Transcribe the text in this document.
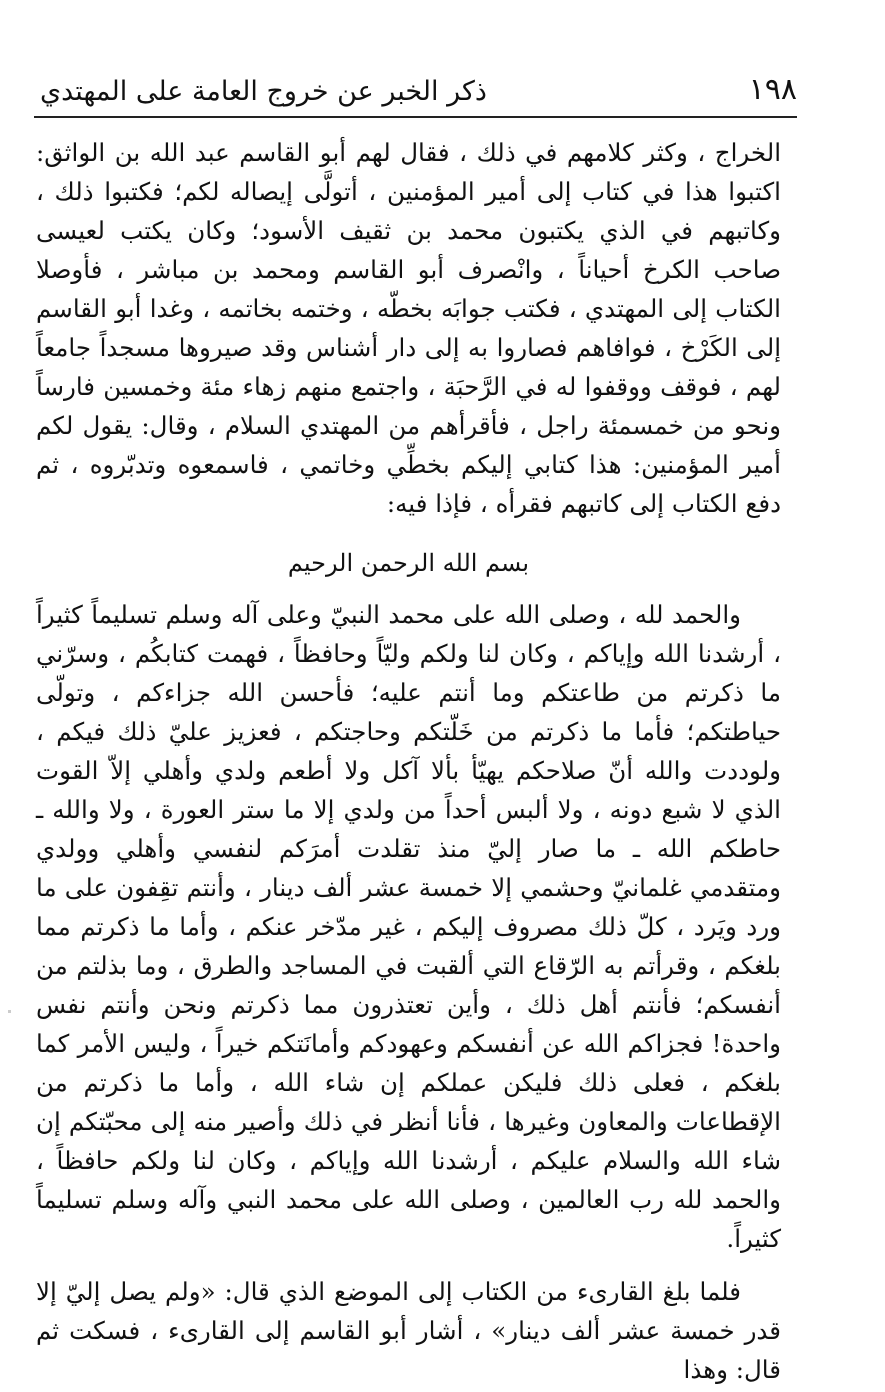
١٩٨
ذكر الخبر عن خروج العامة على المهتدي

الخراج ، وكثر كلامهم في ذلك ، فقال لهم أبو القاسم عبد الله بن الواثق: اكتبوا هذا في كتاب إلى أمير المؤمنين ، أتولَّى إيصاله لكم؛ فكتبوا ذلك ، وكاتبهم في الذي يكتبون محمد بن ثقيف الأسود؛ وكان يكتب لعيسى صاحب الكرخ أحياناً ، وانْصرف أبو القاسم ومحمد بن مباشر ، فأوصلا الكتاب إلى المهتدي ، فكتب جوابَه بخطّه ، وختمه بخاتمه ، وغدا أبو القاسم إلى الكَرْخ ، فوافاهم فصاروا به إلى دار أشناس وقد صيروها مسجداً جامعاً لهم ، فوقف ووقفوا له في الرَّحبَة ، واجتمع منهم زهاء مئة وخمسين فارساً ونحو من خمسمئة راجل ، فأقرأهم من المهتدي السلام ، وقال: يقول لكم أمير المؤمنين: هذا كتابي إليكم بخطِّي وخاتمي ، فاسمعوه وتدبّروه ، ثم دفع الكتاب إلى كاتبهم فقرأه ، فإذا فيه:

بسم الله الرحمن الرحيم

والحمد لله ، وصلى الله على محمد النبيّ وعلى آله وسلم تسليماً كثيراً ، أرشدنا الله وإياكم ، وكان لنا ولكم وليّاً وحافظاً ، فهمت كتابكُم ، وسرّني ما ذكرتم من طاعتكم وما أنتم عليه؛ فأحسن الله جزاءكم ، وتولّى حياطتكم؛ فأما ما ذكرتم من خَلّتكم وحاجتكم ، فعزيز عليّ ذلك فيكم ، ولوددت والله أنّ صلاحكم يهيّأ بألا آكل ولا أطعم ولدي وأهلي إلاّ القوت الذي لا شبع دونه ، ولا ألبس أحداً من ولدي إلا ما ستر العورة ، ولا والله ـ حاطكم الله ـ ما صار إليّ منذ تقلدت أمرَكم لنفسي وأهلي وولدي ومتقدمي غلمانيّ وحشمي إلا خمسة عشر ألف دينار ، وأنتم تقِفون على ما ورد ويَرد ، كلّ ذلك مصروف إليكم ، غير مدّخر عنكم ، وأما ما ذكرتم مما بلغكم ، وقرأتم به الرّقاع التي ألقبت في المساجد والطرق ، وما بذلتم من أنفسكم؛ فأنتم أهل ذلك ، وأين تعتذرون مما ذكرتم ونحن وأنتم نفس واحدة! فجزاكم الله عن أنفسكم وعهودكم وأمانَتكم خيراً ، وليس الأمر كما بلغكم ، فعلى ذلك فليكن عملكم إن شاء الله ، وأما ما ذكرتم من الإقطاعات والمعاون وغيرها ، فأنا أنظر في ذلك وأصير منه إلى محبّتكم إن شاء الله والسلام عليكم ، أرشدنا الله وإياكم ، وكان لنا ولكم حافظاً ، والحمد لله رب العالمين ، وصلى الله على محمد النبي وآله وسلم تسليماً كثيراً.

فلما بلغ القارىء من الكتاب إلى الموضع الذي قال: «ولم يصل إليّ إلا قدر خمسة عشر ألف دينار» ، أشار أبو القاسم إلى القارىء ، فسكت ثم قال: وهذا
